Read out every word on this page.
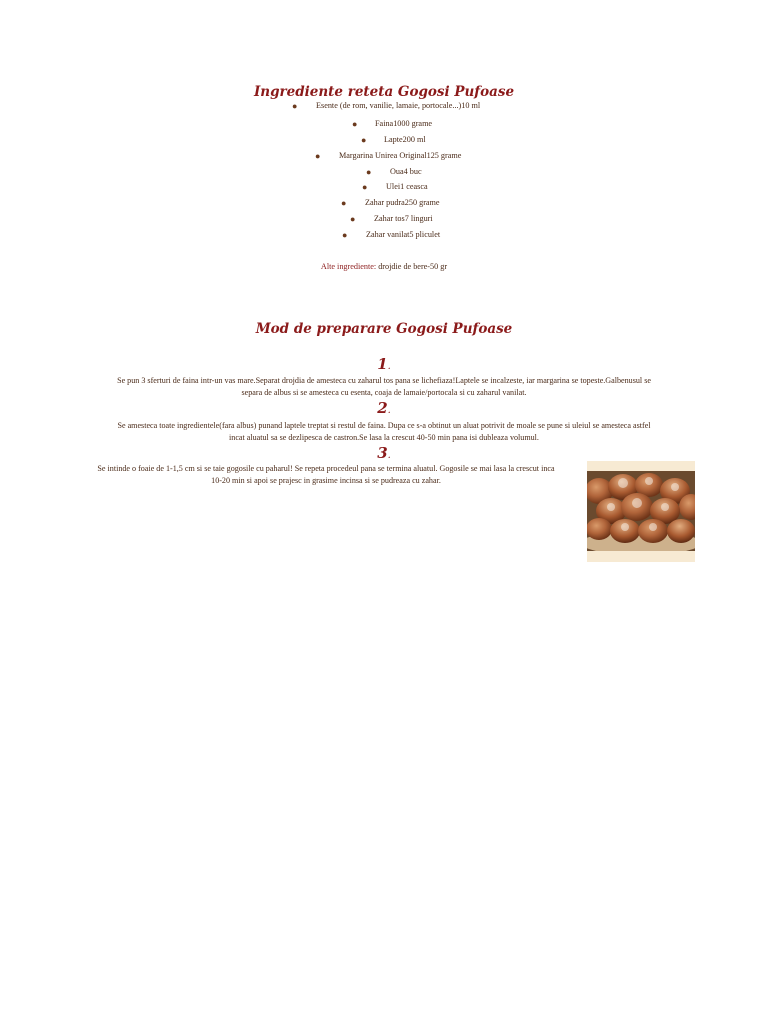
Ingrediente reteta Gogosi Pufoase
● Esente (de rom, vanilie, lamaie, portocale...)10 ml
● Faina1000 grame
● Lapte200 ml
● Margarina Unirea Original125 grame
● Oua4 buc
● Ulei1 ceasca
● Zahar pudra250 grame
● Zahar tos7 linguri
● Zahar vanilat5 pliculet
Alte ingrediente: drojdie de bere-50 gr
Mod de preparare Gogosi Pufoase
1.
Se pun 3 sferturi de faina intr-un vas mare.Separat drojdia de amesteca cu zaharul tos pana se lichefiaza!Laptele se incalzeste, iar margarina se topeste.Galbenusul se
separa de albus si se amesteca cu esenta, coaja de lamaie/portocala si cu zaharul vanilat.
2.
Se amesteca toate ingredientele(fara albus) punand laptele treptat si restul de faina. Dupa ce s-a obtinut un aluat potrivit de moale se pune si uleiul se amesteca astfel
incat aluatul sa se dezlipesca de castron.Se lasa la crescut 40-50 min pana isi dubleaza volumul.
3.
Se intinde o foaie de 1-1,5 cm si se taie gogosile cu paharul! Se repeta procedeul pana se termina aluatul. Gogosile se mai lasa la crescut inca
10-20 min si apoi se prajesc in grasime incinsa si se pudreaza cu zahar.
